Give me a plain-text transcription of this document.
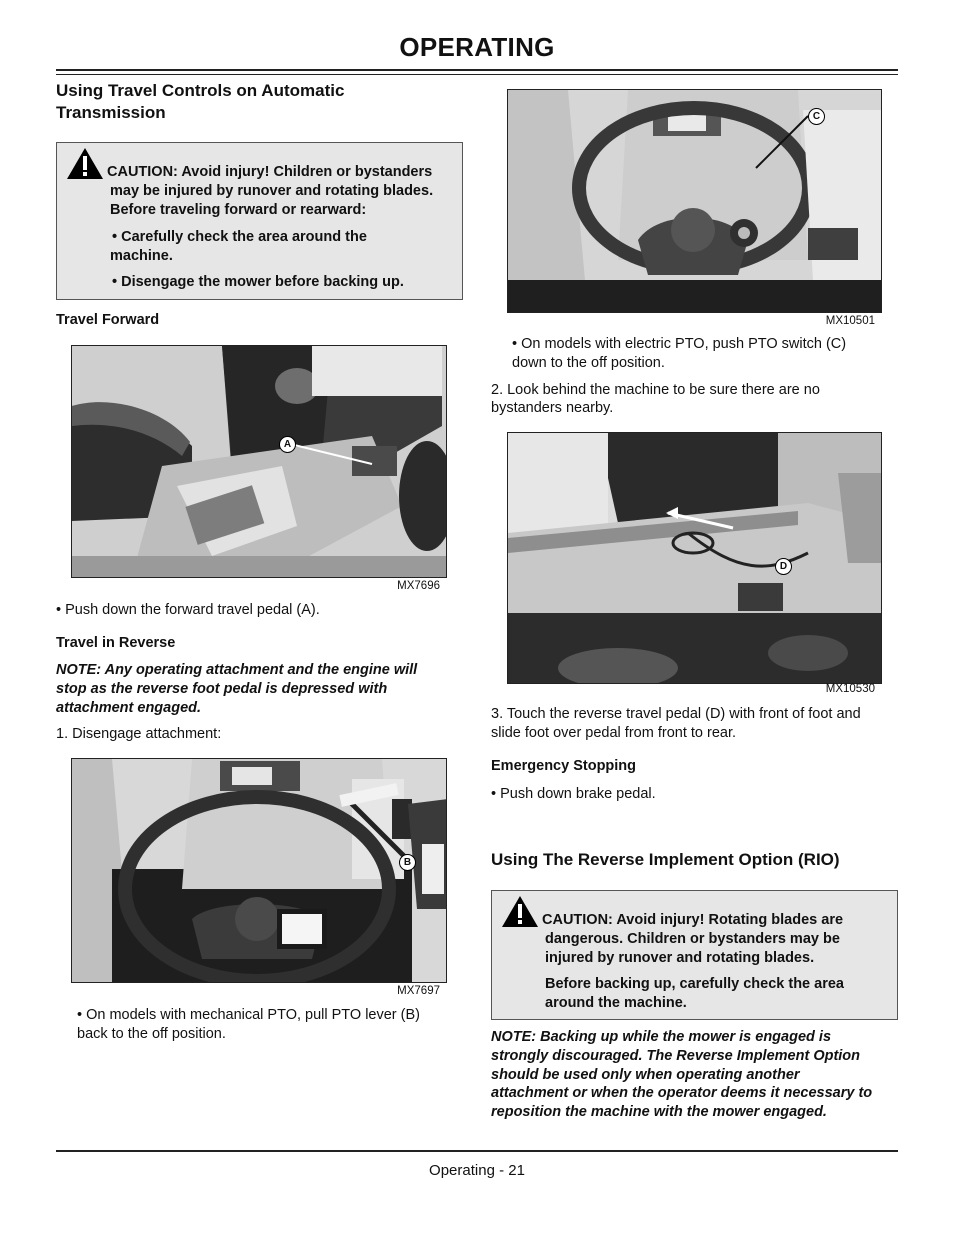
OPERATING
Using Travel Controls on Automatic Transmission
CAUTION: Avoid injury! Children or bystanders
may be injured by runover and rotating blades.
Before traveling forward or rearward:
• Carefully check the area around the
machine.
• Disengage the mower before backing up.
Travel Forward
A
MX7696
• Push down the forward travel pedal (A).
Travel in Reverse
NOTE: Any operating attachment and the engine will
stop as the reverse foot pedal is depressed with
attachment engaged.
1. Disengage attachment:
B
MX7697
• On models with mechanical PTO, pull PTO lever (B)
back to the off position.
C
MX10501
• On models with electric PTO, push PTO switch (C)
down to the off position.
2. Look behind the machine to be sure there are no
bystanders nearby.
D
MX10530
3. Touch the reverse travel pedal (D) with front of foot and
slide foot over pedal from front to rear.
Emergency Stopping
• Push down brake pedal.
Using The Reverse Implement Option (RIO)
CAUTION: Avoid injury! Rotating blades are
dangerous. Children or bystanders may be
injured by runover and rotating blades.
Before backing up, carefully check the area
around the machine.
NOTE: Backing up while the mower is engaged is
strongly discouraged. The Reverse Implement Option
should be used only when operating another
attachment or when the operator deems it necessary to
reposition the machine with the mower engaged.
Operating - 21
